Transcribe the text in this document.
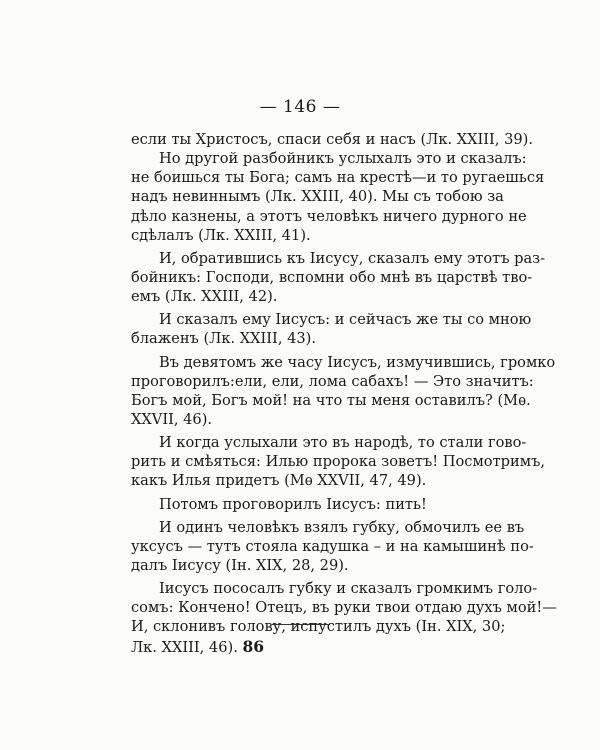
— 146 —
если ты Христосъ, спаси себя и насъ (Лк. XXIII, 39).
Но другой разбойникъ услыхалъ это и сказалъ:
не боишься ты Бога; самъ на крестѣ—и то ругаешься
надъ невиннымъ (Лк. XXIII, 40). Мы съ тобою за
дѣло казнены, а этотъ человѣкъ ничего дурного не
сдѣлалъ (Лк. XXIII, 41).
И, обратившись къ Іисусу, сказалъ ему этотъ раз-
бойникъ: Господи, вспомни обо мнѣ въ царствѣ тво-
емъ (Лк. XXIII, 42).
И сказалъ ему Іисусъ: и сейчасъ же ты со мною
блаженъ (Лк. XXIII, 43).
Въ девятомъ же часу Іисусъ, измучившись, громко
проговорилъ:ели, ели, лома сабахъ! — Это значитъ:
Богъ мой, Богъ мой! на что ты меня оставилъ? (Мѳ.
XXVII, 46).
И когда услыхали это въ народѣ, то стали гово-
рить и смѣяться: Илью пророка зоветъ! Посмотримъ,
какъ Илья придетъ (Мѳ XXVII, 47, 49).
Потомъ проговорилъ Іисусъ: пить!
И одинъ человѣкъ взялъ губку, обмочилъ ее въ
уксусъ — тутъ стояла кадушка – и на камышинѣ по-
далъ Іисусу (Ін. XIX, 28, 29).
Іисусъ пососалъ губку и сказалъ громкимъ голо-
сомъ: Кончено! Отецъ, въ руки твои отдаю духъ мой!—
И, склонивъ голову, испустилъ духъ (Ін. XIX, 30;
Лк. XXIII, 46). 86
